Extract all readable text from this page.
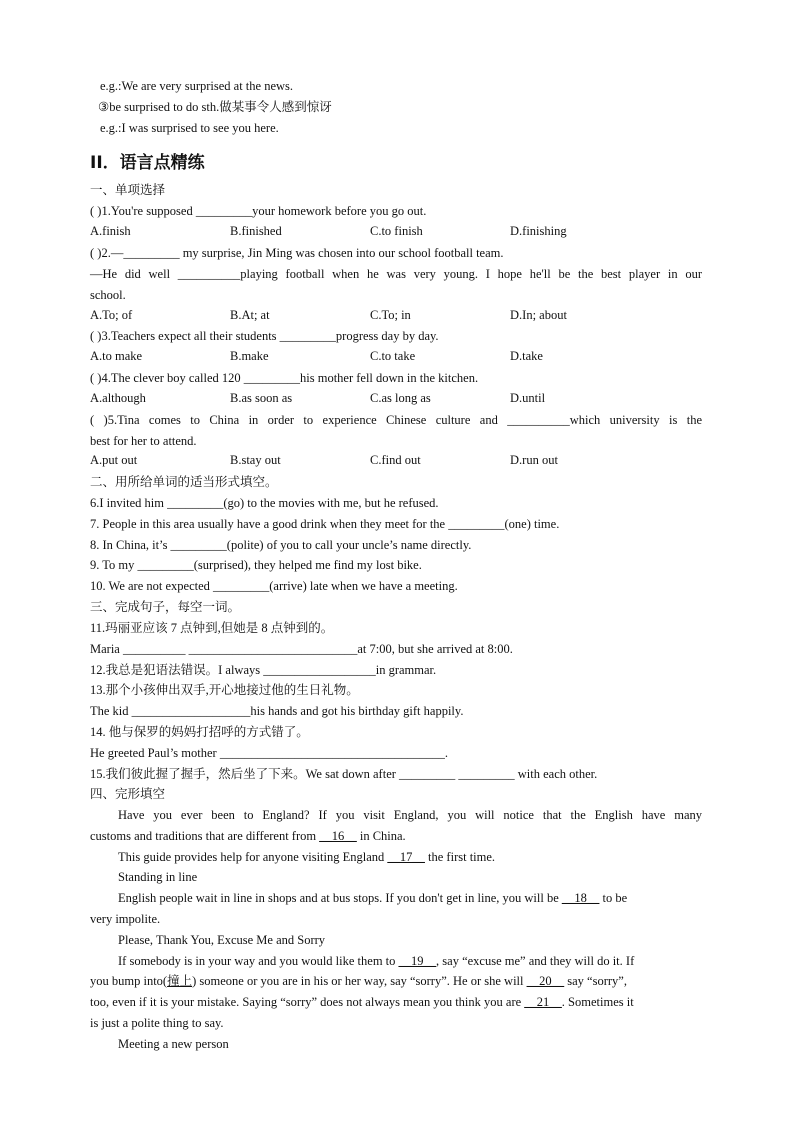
e.g.:We are very surprised at the news.
③be surprised to do sth.做某事令人感到惊讶
e.g.:I was surprised to see you here.
II．语言点精练
一、单项选择
( )1.You're supposed _________your homework before you go out.
A.finish	B.finished	C.to finish	D.finishing
( )2.—_________ my surprise, Jin Ming was chosen into our school football team.
—He did well __________playing football when he was very young. I hope he'll be the best player in our
school.
A.To; of	B.At; at	C.To; in	D.In; about
( )3.Teachers expect all their students _________progress day by day.
A.to make	B.make	C.to take	D.take
( )4.The clever boy called 120 _________his mother fell down in the kitchen.
A.although	B.as soon as	C.as long as	D.until
( )5.Tina comes to China in order to experience Chinese culture and __________which university is the
best for her to attend.
A.put out	B.stay out	C.find out	D.run out
二、用所给单词的适当形式填空。
6.I invited him _________(go) to the movies with me, but he refused.
7. People in this area usually have a good drink when they meet for the _________(one) time.
8. In China, it’s _________(polite) of you to call your uncle’s name directly.
9. To my _________(surprised), they helped me find my lost bike.
10. We are not expected _________(arrive) late when we have a meeting.
三、完成句子，每空一词。
11.玛丽亚应该 7 点钟到,但她是 8 点钟到的。
Maria __________ ___________________________at 7:00, but she arrived at 8:00.
12.我总是犯语法错误。I always __________________in grammar.
13.那个小孩伸出双手,开心地接过他的生日礼物。
The kid ___________________his hands and got his birthday gift happily.
14. 他与保罗的妈妈打招呼的方式错了。
He greeted Paul’s mother ____________________________________.
15.我们彼此握了握手，然后坐了下来。We sat down after _________ _________ with each other.
四、完形填空
Have you ever been to England? If you visit England, you will notice that the English have many
customs and traditions that are different from __16__ in China.
This guide provides help for anyone visiting England __17__ the first time.
Standing in line
English people wait in line in shops and at bus stops. If you don't get in line, you will be __18__ to be
very impolite.
Please, Thank You, Excuse Me and Sorry
If somebody is in your way and you would like them to __19__, say “excuse me” and they will do it. If
you bump into(撞上) someone or you are in his or her way, say “sorry”. He or she will __20__ say “sorry”,
too, even if it is your mistake. Saying “sorry” does not always mean you think you are __21__. Sometimes it
is just a polite thing to say.
Meeting a new person
